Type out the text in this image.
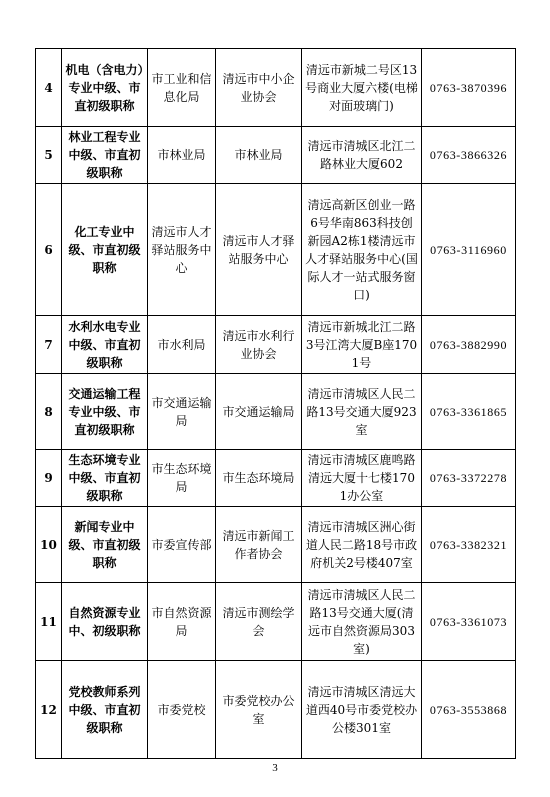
4	机电（含电力）专业中级、市直初级职称	市工业和信息化局	清远市中小企业协会	清远市新城二号区13号商业大厦六楼(电梯对面玻璃门)	0763-3870396
5	林业工程专业中级、市直初级职称	市林业局	市林业局	清远市清城区北江二路林业大厦602	0763-3866326
6	化工专业中级、市直初级职称	清远市人才驿站服务中心	清远市人才驿站服务中心	清远高新区创业一路6号华南863科技创新园A2栋1楼清远市人才驿站服务中心(国际人才一站式服务窗口)	0763-3116960
7	水利水电专业中级、市直初级职称	市水利局	清远市水利行业协会	清远市新城北江二路3号江湾大厦B座1701号	0763-3882990
8	交通运输工程专业中级、市直初级职称	市交通运输局	市交通运输局	清远市清城区人民二路13号交通大厦923室	0763-3361865
9	生态环境专业中级、市直初级职称	市生态环境局	市生态环境局	清远市清城区鹿鸣路清远大厦十七楼1701办公室	0763-3372278
10	新闻专业中级、市直初级职称	市委宣传部	清远市新闻工作者协会	清远市清城区洲心街道人民二路18号市政府机关2号楼407室	0763-3382321
11	自然资源专业中、初级职称	市自然资源局	清远市测绘学会	清远市清城区人民二路13号交通大厦(清远市自然资源局303室)	0763-3361073
12	党校教师系列中级、市直初级职称	市委党校	市委党校办公室	清远市清城区清远大道西40号市委党校办公楼301室	0763-3553868
3
